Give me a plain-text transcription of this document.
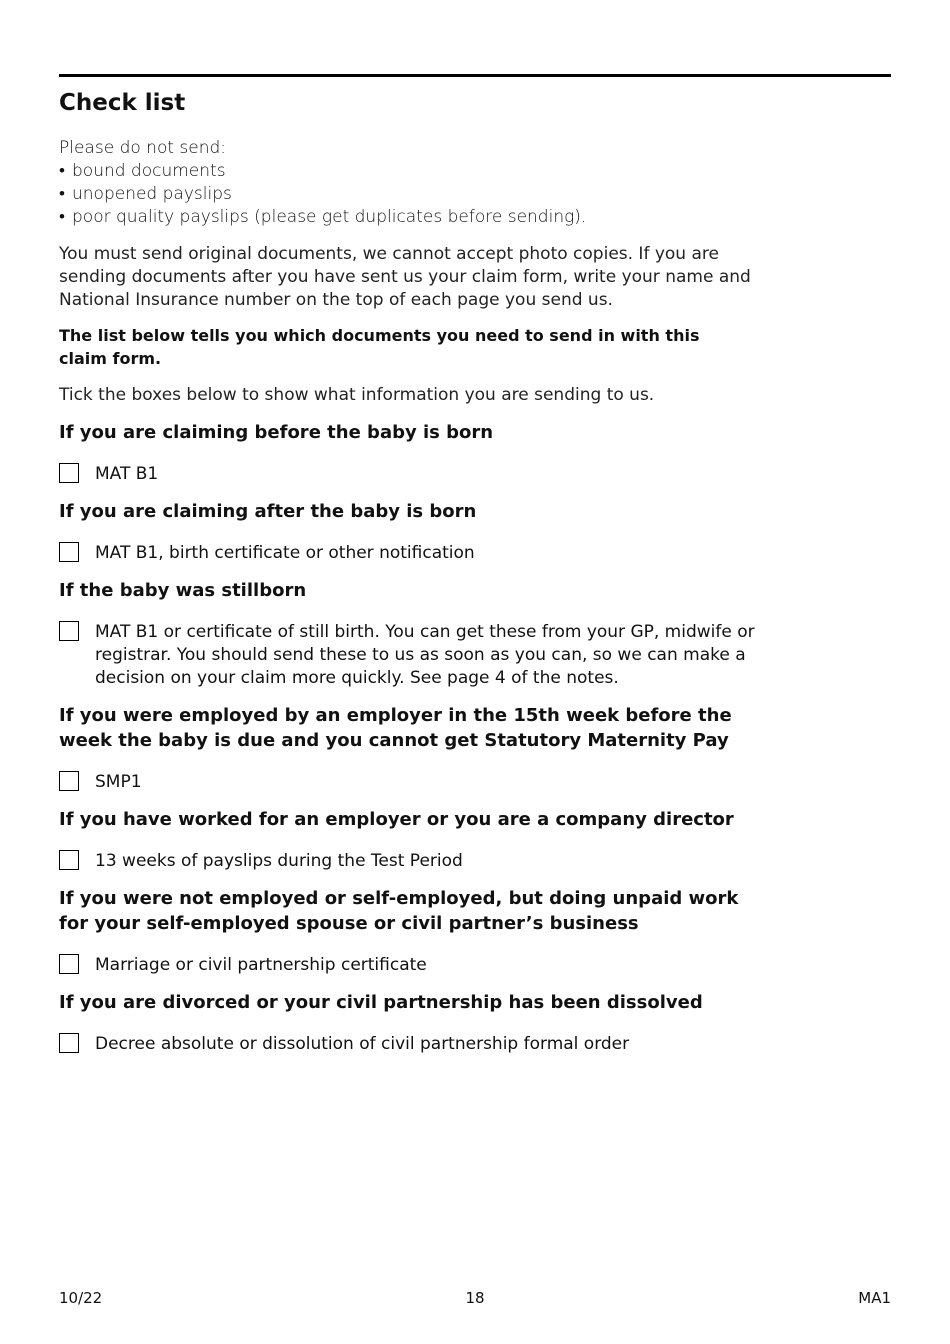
Check list
Please do not send:
• bound documents
• unopened payslips
• poor quality payslips (please get duplicates before sending).
You must send original documents, we cannot accept photo copies. If you are sending documents after you have sent us your claim form, write your name and National Insurance number on the top of each page you send us.
The list below tells you which documents you need to send in with this claim form.
Tick the boxes below to show what information you are sending to us.
If you are claiming before the baby is born
MAT B1
If you are claiming after the baby is born
MAT B1, birth certificate or other notification
If the baby was stillborn
MAT B1 or certificate of still birth. You can get these from your GP, midwife or registrar. You should send these to us as soon as you can, so we can make a decision on your claim more quickly. See page 4 of the notes.
If you were employed by an employer in the 15th week before the week the baby is due and you cannot get Statutory Maternity Pay
SMP1
If you have worked for an employer or you are a company director
13 weeks of payslips during the Test Period
If you were not employed or self-employed, but doing unpaid work for your self-employed spouse or civil partner’s business
Marriage or civil partnership certificate
If you are divorced or your civil partnership has been dissolved
Decree absolute or dissolution of civil partnership formal order
10/22	18	MA1
